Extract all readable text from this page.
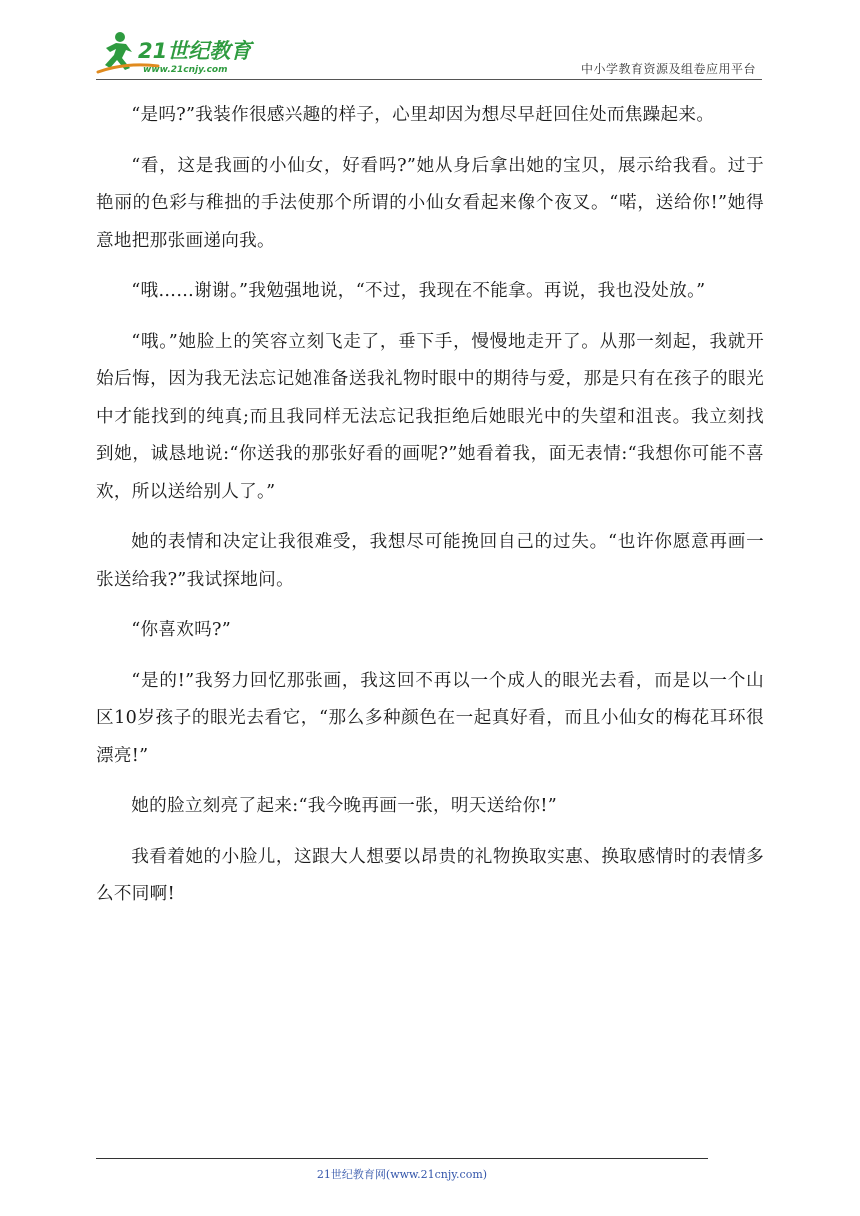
21世纪教育
www.21cnjy.com	中小学教育资源及组卷应用平台

“是吗?”我装作很感兴趣的样子，心里却因为想尽早赶回住处而焦躁起来。

“看，这是我画的小仙女，好看吗?”她从身后拿出她的宝贝，展示给我看。过于艳丽的色彩与稚拙的手法使那个所谓的小仙女看起来像个夜叉。“喏，送给你!”她得意地把那张画递向我。

“哦……谢谢。”我勉强地说，“不过，我现在不能拿。再说，我也没处放。”

“哦。”她脸上的笑容立刻飞走了，垂下手，慢慢地走开了。从那一刻起，我就开始后悔，因为我无法忘记她准备送我礼物时眼中的期待与爱，那是只有在孩子的眼光中才能找到的纯真;而且我同样无法忘记我拒绝后她眼光中的失望和沮丧。我立刻找到她，诚恳地说:“你送我的那张好看的画呢?”她看着我，面无表情:“我想你可能不喜欢，所以送给别人了。”

她的表情和决定让我很难受，我想尽可能挽回自己的过失。“也许你愿意再画一张送给我?”我试探地问。

“你喜欢吗?”

“是的!”我努力回忆那张画，我这回不再以一个成人的眼光去看，而是以一个山区10岁孩子的眼光去看它，“那么多种颜色在一起真好看，而且小仙女的梅花耳环很漂亮!”

她的脸立刻亮了起来:“我今晚再画一张，明天送给你!”

我看着她的小脸儿，这跟大人想要以昂贵的礼物换取实惠、换取感情时的表情多么不同啊!

21世纪教育网(www.21cnjy.com)
